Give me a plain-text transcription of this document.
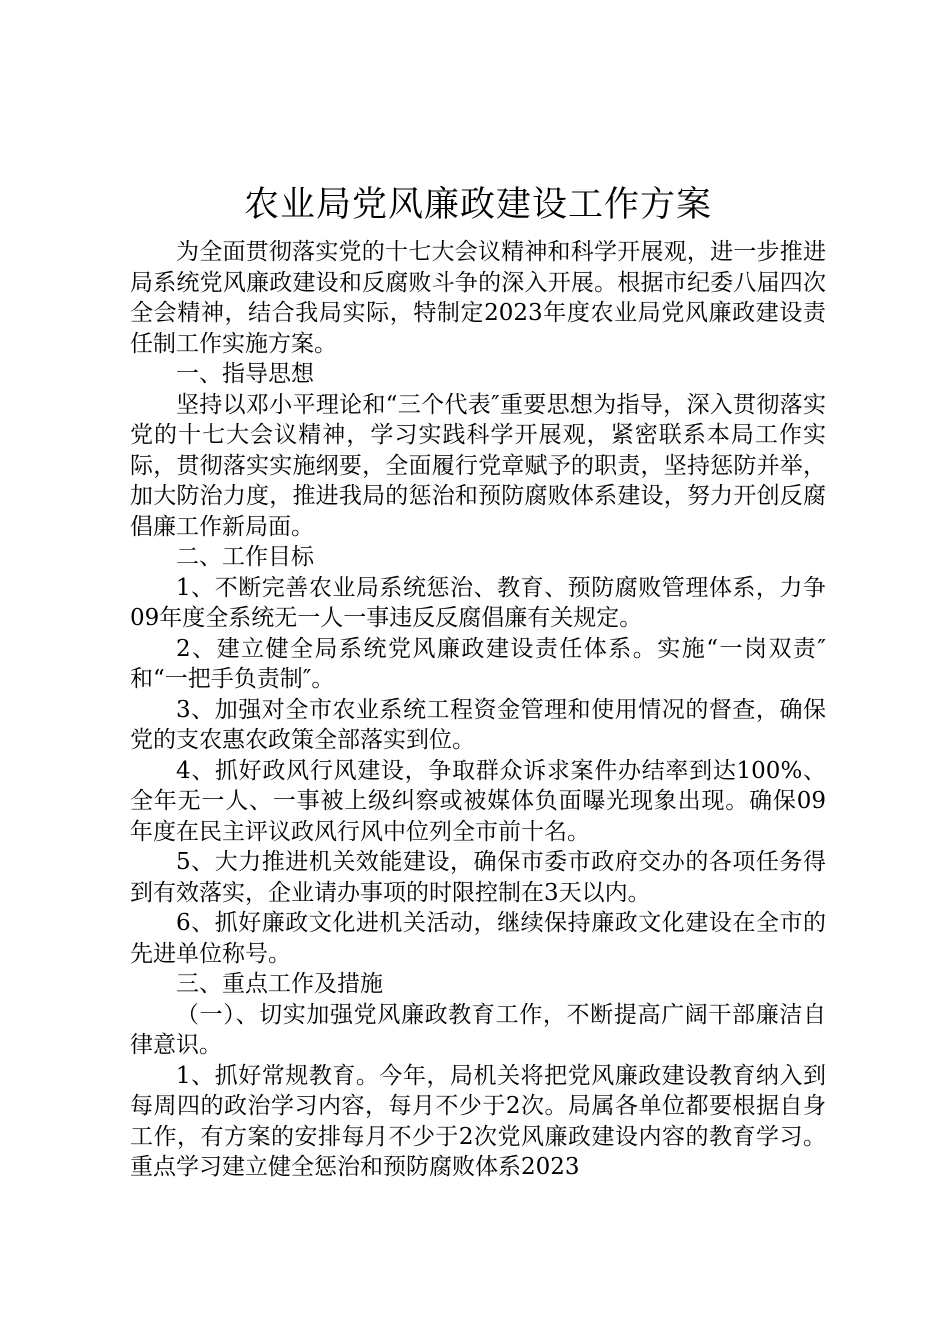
农业局党风廉政建设工作方案

为全面贯彻落实党的十七大会议精神和科学开展观，进一步推进局系统党风廉政建设和反腐败斗争的深入开展。根据市纪委八届四次全会精神，结合我局实际，特制定2023年度农业局党风廉政建设责任制工作实施方案。

一、指导思想

坚持以邓小平理论和“三个代表″重要思想为指导，深入贯彻落实党的十七大会议精神，学习实践科学开展观，紧密联系本局工作实际，贯彻落实实施纲要，全面履行党章赋予的职责，坚持惩防并举，加大防治力度，推进我局的惩治和预防腐败体系建设，努力开创反腐倡廉工作新局面。

二、工作目标

1、不断完善农业局系统惩治、教育、预防腐败管理体系，力争09年度全系统无一人一事违反反腐倡廉有关规定。

2、建立健全局系统党风廉政建设责任体系。实施“一岗双责″和“一把手负责制″。

3、加强对全市农业系统工程资金管理和使用情况的督查，确保党的支农惠农政策全部落实到位。

4、抓好政风行风建设，争取群众诉求案件办结率到达100%、全年无一人、一事被上级纠察或被媒体负面曝光现象出现。确保09年度在民主评议政风行风中位列全市前十名。

5、大力推进机关效能建设，确保市委市政府交办的各项任务得到有效落实，企业请办事项的时限控制在3天以内。

6、抓好廉政文化进机关活动，继续保持廉政文化建设在全市的先进单位称号。

三、重点工作及措施

（一）、切实加强党风廉政教育工作，不断提高广阔干部廉洁自律意识。

1、抓好常规教育。今年，局机关将把党风廉政建设教育纳入到每周四的政治学习内容，每月不少于2次。局属各单位都要根据自身工作，有方案的安排每月不少于2次党风廉政建设内容的教育学习。重点学习建立健全惩治和预防腐败体系2023
